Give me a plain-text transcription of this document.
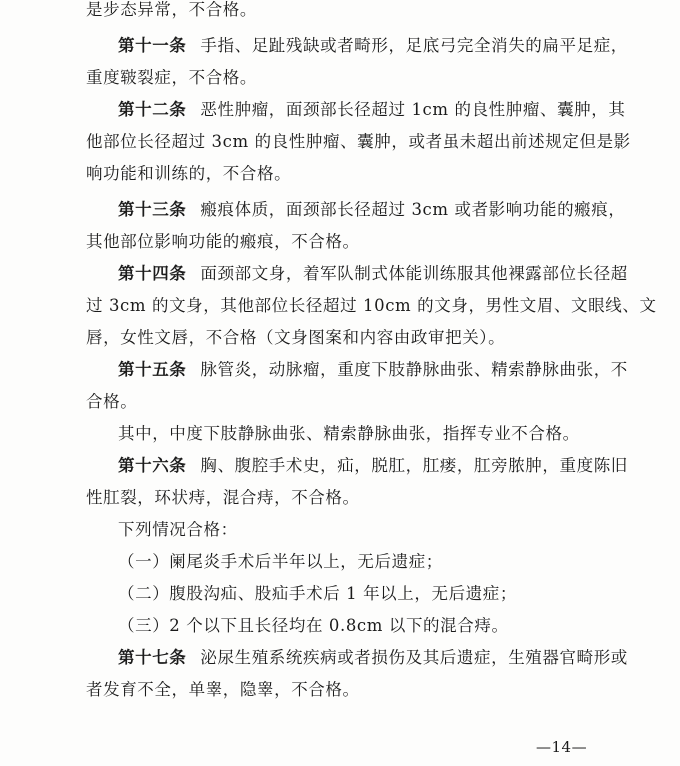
是步态异常，不合格。
第十一条 手指、足趾残缺或者畸形，足底弓完全消失的扁平足症，
重度皲裂症，不合格。
第十二条 恶性肿瘤，面颈部长径超过 1cm 的良性肿瘤、囊肿，其
他部位长径超过 3cm 的良性肿瘤、囊肿，或者虽未超出前述规定但是影
响功能和训练的，不合格。
第十三条 瘢痕体质，面颈部长径超过 3cm 或者影响功能的瘢痕，
其他部位影响功能的瘢痕，不合格。
第十四条 面颈部文身，着军队制式体能训练服其他裸露部位长径超
过 3cm 的文身，其他部位长径超过 10cm 的文身，男性文眉、文眼线、文
唇，女性文唇，不合格（文身图案和内容由政审把关）。
第十五条 脉管炎，动脉瘤，重度下肢静脉曲张、精索静脉曲张，不
合格。
其中，中度下肢静脉曲张、精索静脉曲张，指挥专业不合格。
第十六条 胸、腹腔手术史，疝，脱肛，肛瘘，肛旁脓肿，重度陈旧
性肛裂，环状痔，混合痔，不合格。
下列情况合格：
（一）阑尾炎手术后半年以上，无后遗症；
（二）腹股沟疝、股疝手术后 1 年以上，无后遗症；
（三）2 个以下且长径均在 0.8cm 以下的混合痔。
第十七条 泌尿生殖系统疾病或者损伤及其后遗症，生殖器官畸形或
者发育不全，单睾，隐睾，不合格。
—14—
